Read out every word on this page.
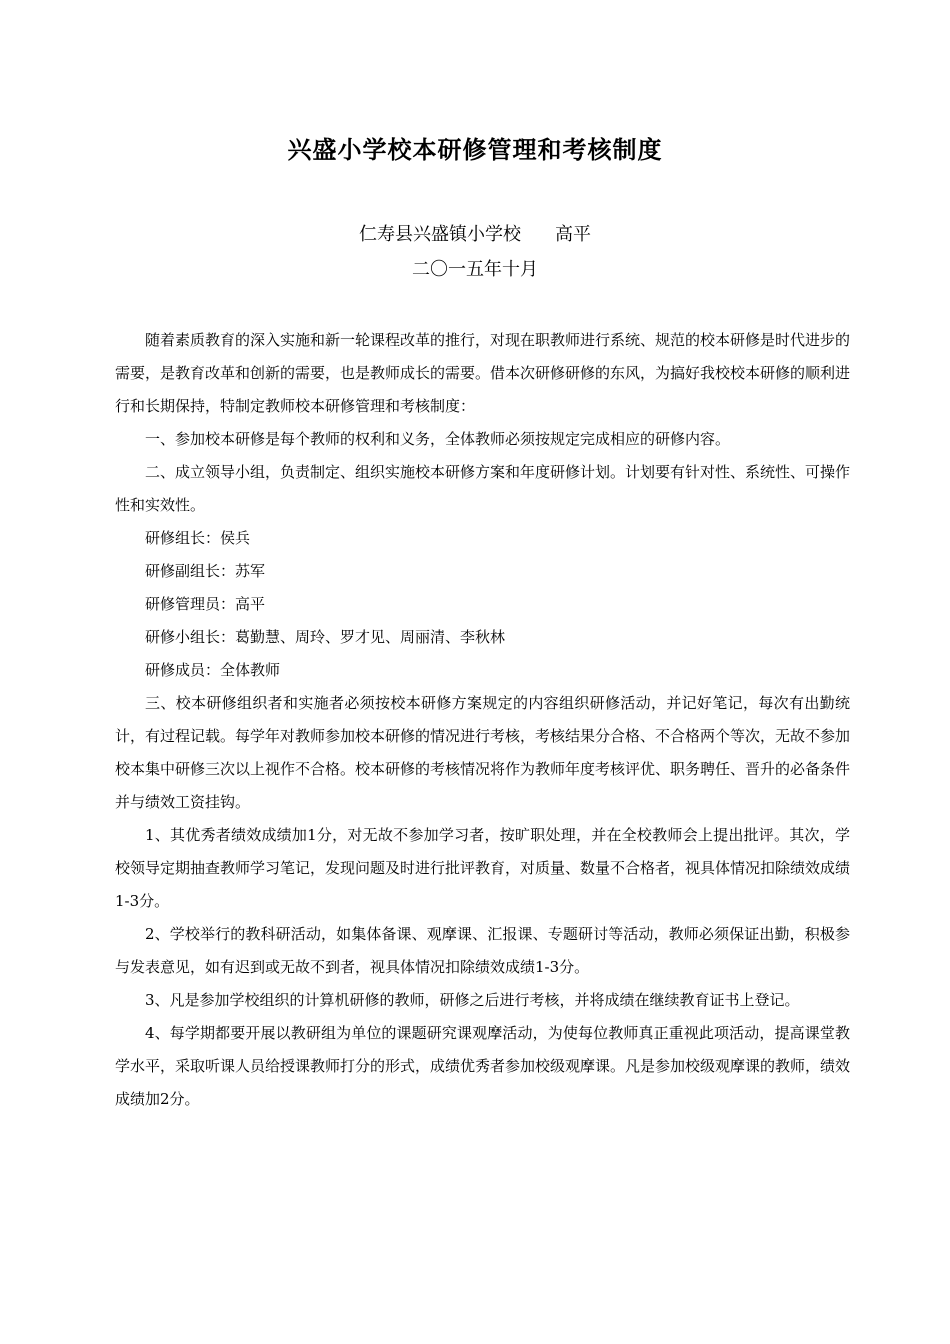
兴盛小学校本研修管理和考核制度
仁寿县兴盛镇小学校 高平
二〇一五年十月

随着素质教育的深入实施和新一轮课程改革的推行，对现在职教师进行系统、规范的校本研修是时代进步的需要，是教育改革和创新的需要，也是教师成长的需要。借本次研修研修的东风，为搞好我校校本研修的顺利进行和长期保持，特制定教师校本研修管理和考核制度：

一、参加校本研修是每个教师的权利和义务，全体教师必须按规定完成相应的研修内容。

二、成立领导小组，负责制定、组织实施校本研修方案和年度研修计划。计划要有针对性、系统性、可操作性和实效性。

研修组长：侯兵

研修副组长：苏军

研修管理员：高平

研修小组长：葛勤慧、周玲、罗才见、周丽清、李秋林

研修成员：全体教师

三、校本研修组织者和实施者必须按校本研修方案规定的内容组织研修活动，并记好笔记，每次有出勤统计，有过程记载。每学年对教师参加校本研修的情况进行考核，考核结果分合格、不合格两个等次，无故不参加校本集中研修三次以上视作不合格。校本研修的考核情况将作为教师年度考核评优、职务聘任、晋升的必备条件并与绩效工资挂钩。

1、其优秀者绩效成绩加1分，对无故不参加学习者，按旷职处理，并在全校教师会上提出批评。其次，学校领导定期抽查教师学习笔记，发现问题及时进行批评教育，对质量、数量不合格者，视具体情况扣除绩效成绩1-3分。

2、学校举行的教科研活动，如集体备课、观摩课、汇报课、专题研讨等活动，教师必须保证出勤，积极参与发表意见，如有迟到或无故不到者，视具体情况扣除绩效成绩1-3分。

3、凡是参加学校组织的计算机研修的教师，研修之后进行考核，并将成绩在继续教育证书上登记。

4、每学期都要开展以教研组为单位的课题研究课观摩活动，为使每位教师真正重视此项活动，提高课堂教学水平，采取听课人员给授课教师打分的形式，成绩优秀者参加校级观摩课。凡是参加校级观摩课的教师，绩效成绩加2分。
